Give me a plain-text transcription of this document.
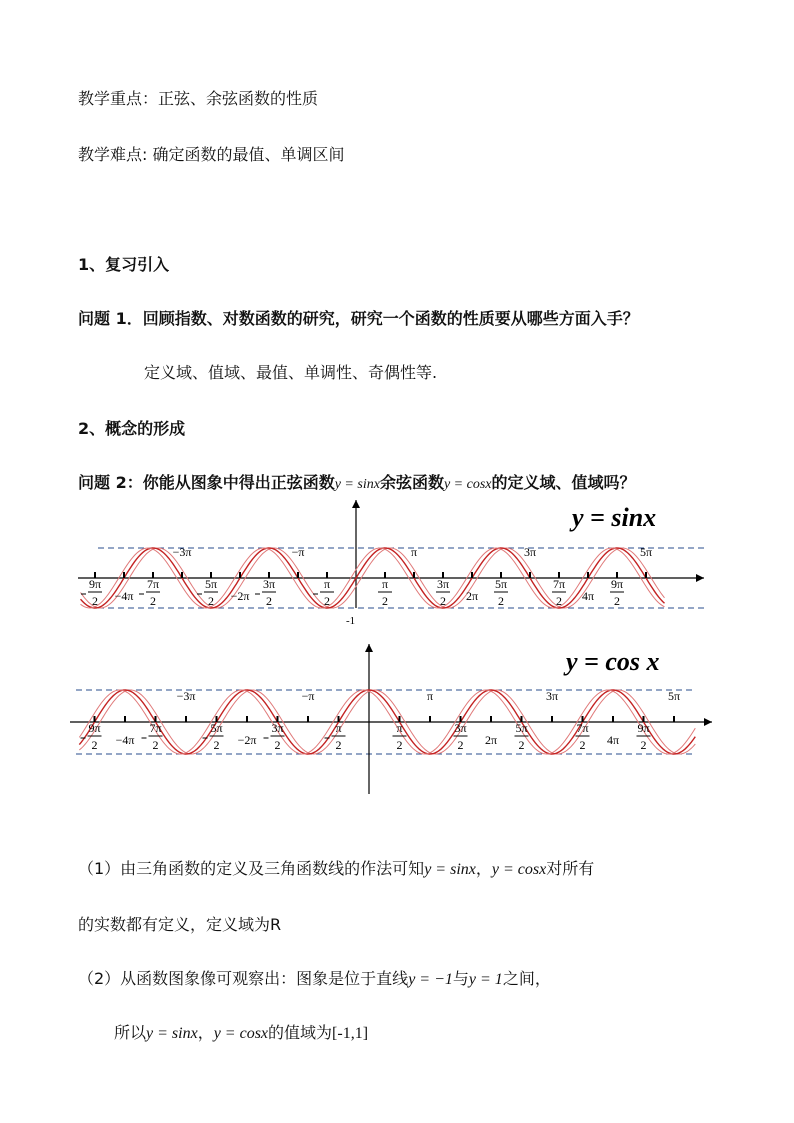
教学重点：正弦、余弦函数的性质
教学难点: 确定函数的最值、单调区间
1、复习引入
问题 1．回顾指数、对数函数的研究，研究一个函数的性质要从哪些方面入手？
定义域、值域、最值、单调性、奇偶性等.
2、概念的形成
问题 2：你能从图象中得出正弦函数y = sinx余弦函数y = cosx的定义域、值域吗？
9π
2 −4π
7π
2
−3π
5π
2 −2π
3π
2
−π
π
2
π
2
π
3π
2 2π
5π
2
3π
7π
2 4π
9π
2
5π
y = sinx
-1
9π
2 −4π
7π
2
−3π
5π
2 −2π
3π
2
−π
π
2
π
2
π
3π
2 2π
5π
2
3π
7π
2 4π
9π
2
5π
y = cos x
（1）由三角函数的定义及三角函数线的作法可知y = sinx，y = cosx对所有
的实数都有定义，定义域为R
（2）从函数图象像可观察出：图象是位于直线y = −1与y = 1之间，
所以y = sinx，y = cosx的值域为[-1,1]
